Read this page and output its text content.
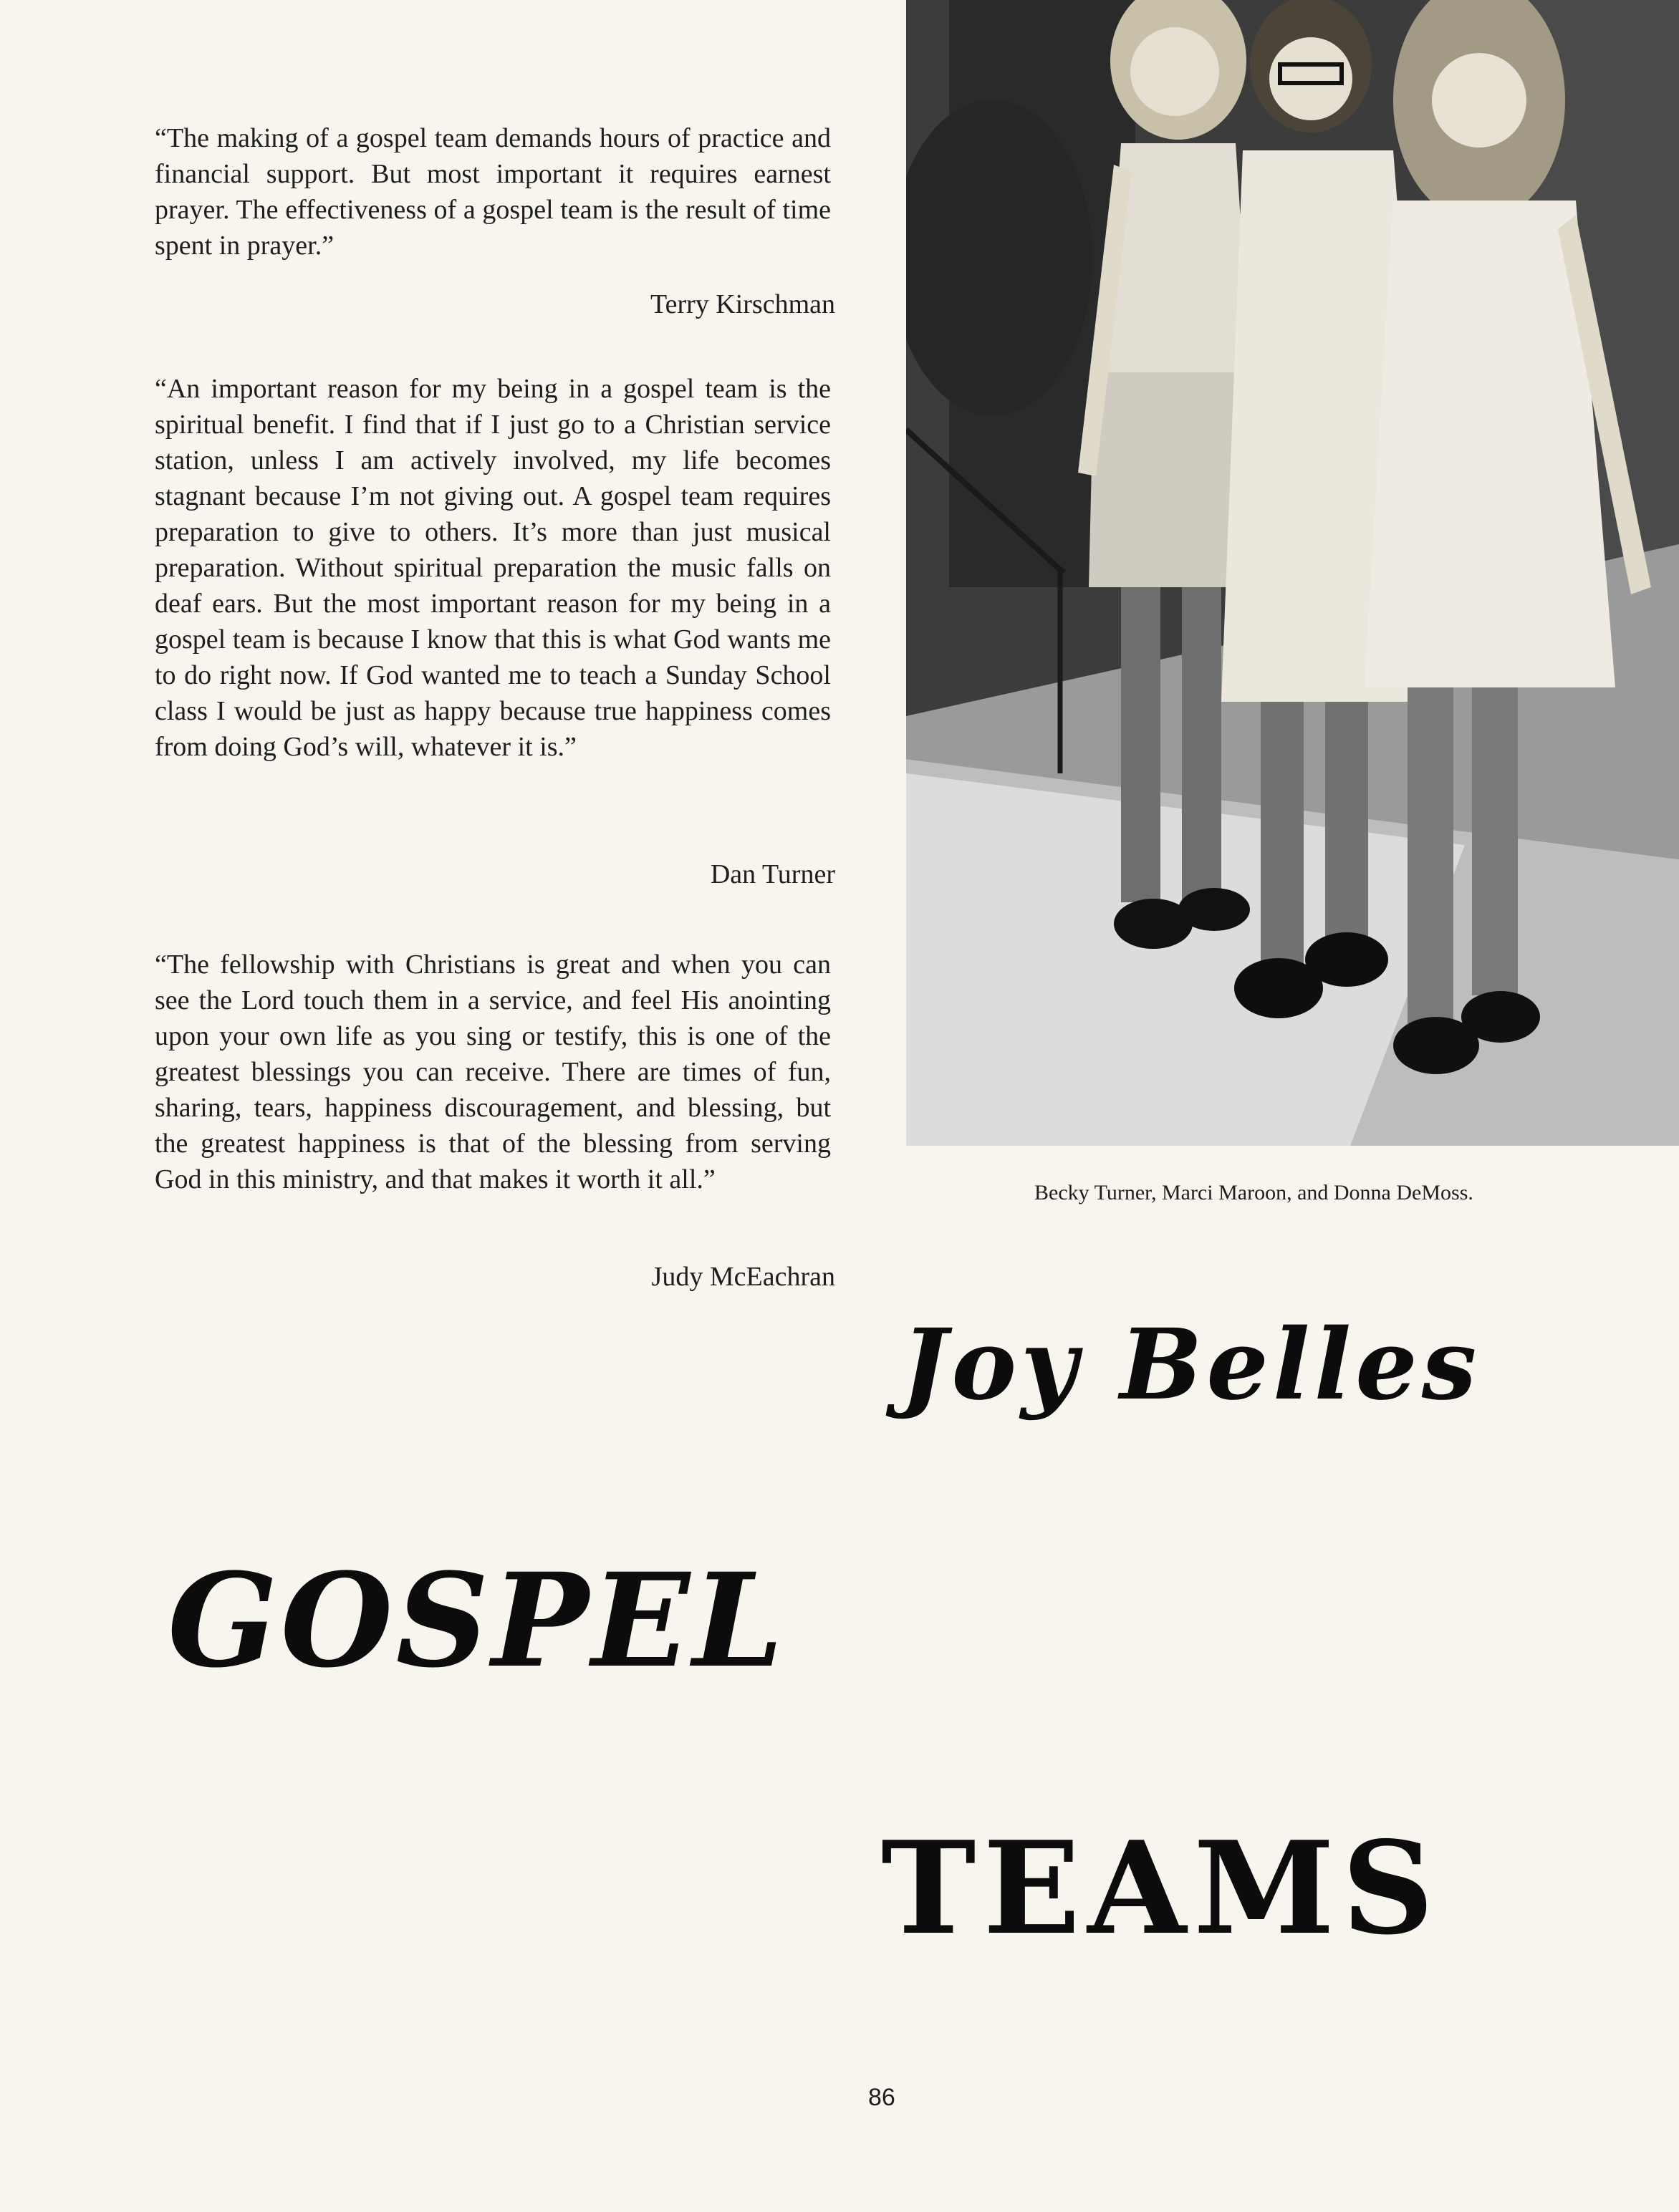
“The making of a gospel team demands hours of practice and financial support. But most important it requires earnest prayer. The effectiveness of a gospel team is the result of time spent in prayer.”

Terry Kirschman

“An important reason for my being in a gospel team is the spiritual benefit. I find that if I just go to a Christian service station, unless I am actively involved, my life becomes stagnant because I’m not giving out. A gospel team requires preparation to give to others. It’s more than just musical preparation. Without spiritual preparation the music falls on deaf ears. But the most important reason for my being in a gospel team is because I know that this is what God wants me to do right now. If God wanted me to teach a Sunday School class I would be just as happy because true happiness comes from doing God’s will, whatever it is.”

Dan Turner

“The fellowship with Christians is great and when you can see the Lord touch them in a service, and feel His anointing upon your own life as you sing or testify, this is one of the greatest blessings you can receive. There are times of fun, sharing, tears, happiness discouragement, and blessing, but the greatest happiness is that of the blessing from serving God in this ministry, and that makes it worth it all.”

Judy McEachran

Becky Turner, Marci Maroon, and Donna DeMoss.

Joy Belles
GOSPEL
TEAMS

86
